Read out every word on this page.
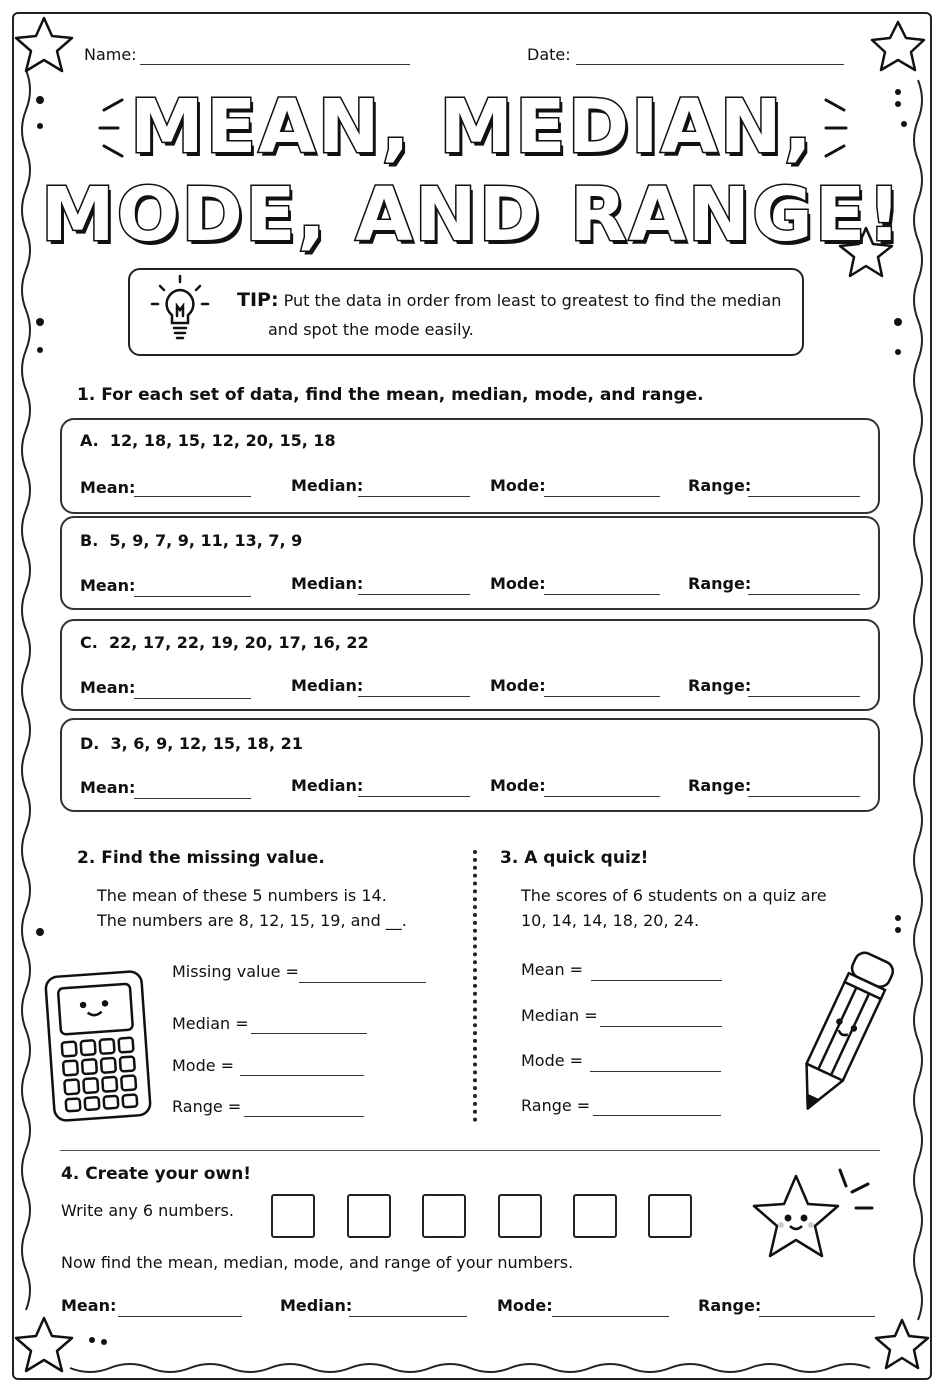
Name:	Date:
MEAN, MEDIAN,
MODE, AND RANGE!
TIP: Put the data in order from least to greatest to find the median
and spot the mode easily.
1. For each set of data, find the mean, median, mode, and range.
A. 12, 18, 15, 12, 20, 15, 18
Mean:	Median:	Mode:	Range:
B. 5, 9, 7, 9, 11, 13, 7, 9
Mean:	Median:	Mode:	Range:
C. 22, 17, 22, 19, 20, 17, 16, 22
Mean:	Median:	Mode:	Range:
D. 3, 6, 9, 12, 15, 18, 21
Mean:	Median:	Mode:	Range:
2. Find the missing value.
The mean of these 5 numbers is 14.
The numbers are 8, 12, 15, 19, and __.
Missing value =
Median =
Mode =
Range =
3. A quick quiz!
The scores of 6 students on a quiz are
10, 14, 14, 18, 20, 24.
Mean =
Median =
Mode =
Range =
4. Create your own!
Write any 6 numbers.
Now find the mean, median, mode, and range of your numbers.
Mean:	Median:	Mode:	Range:
